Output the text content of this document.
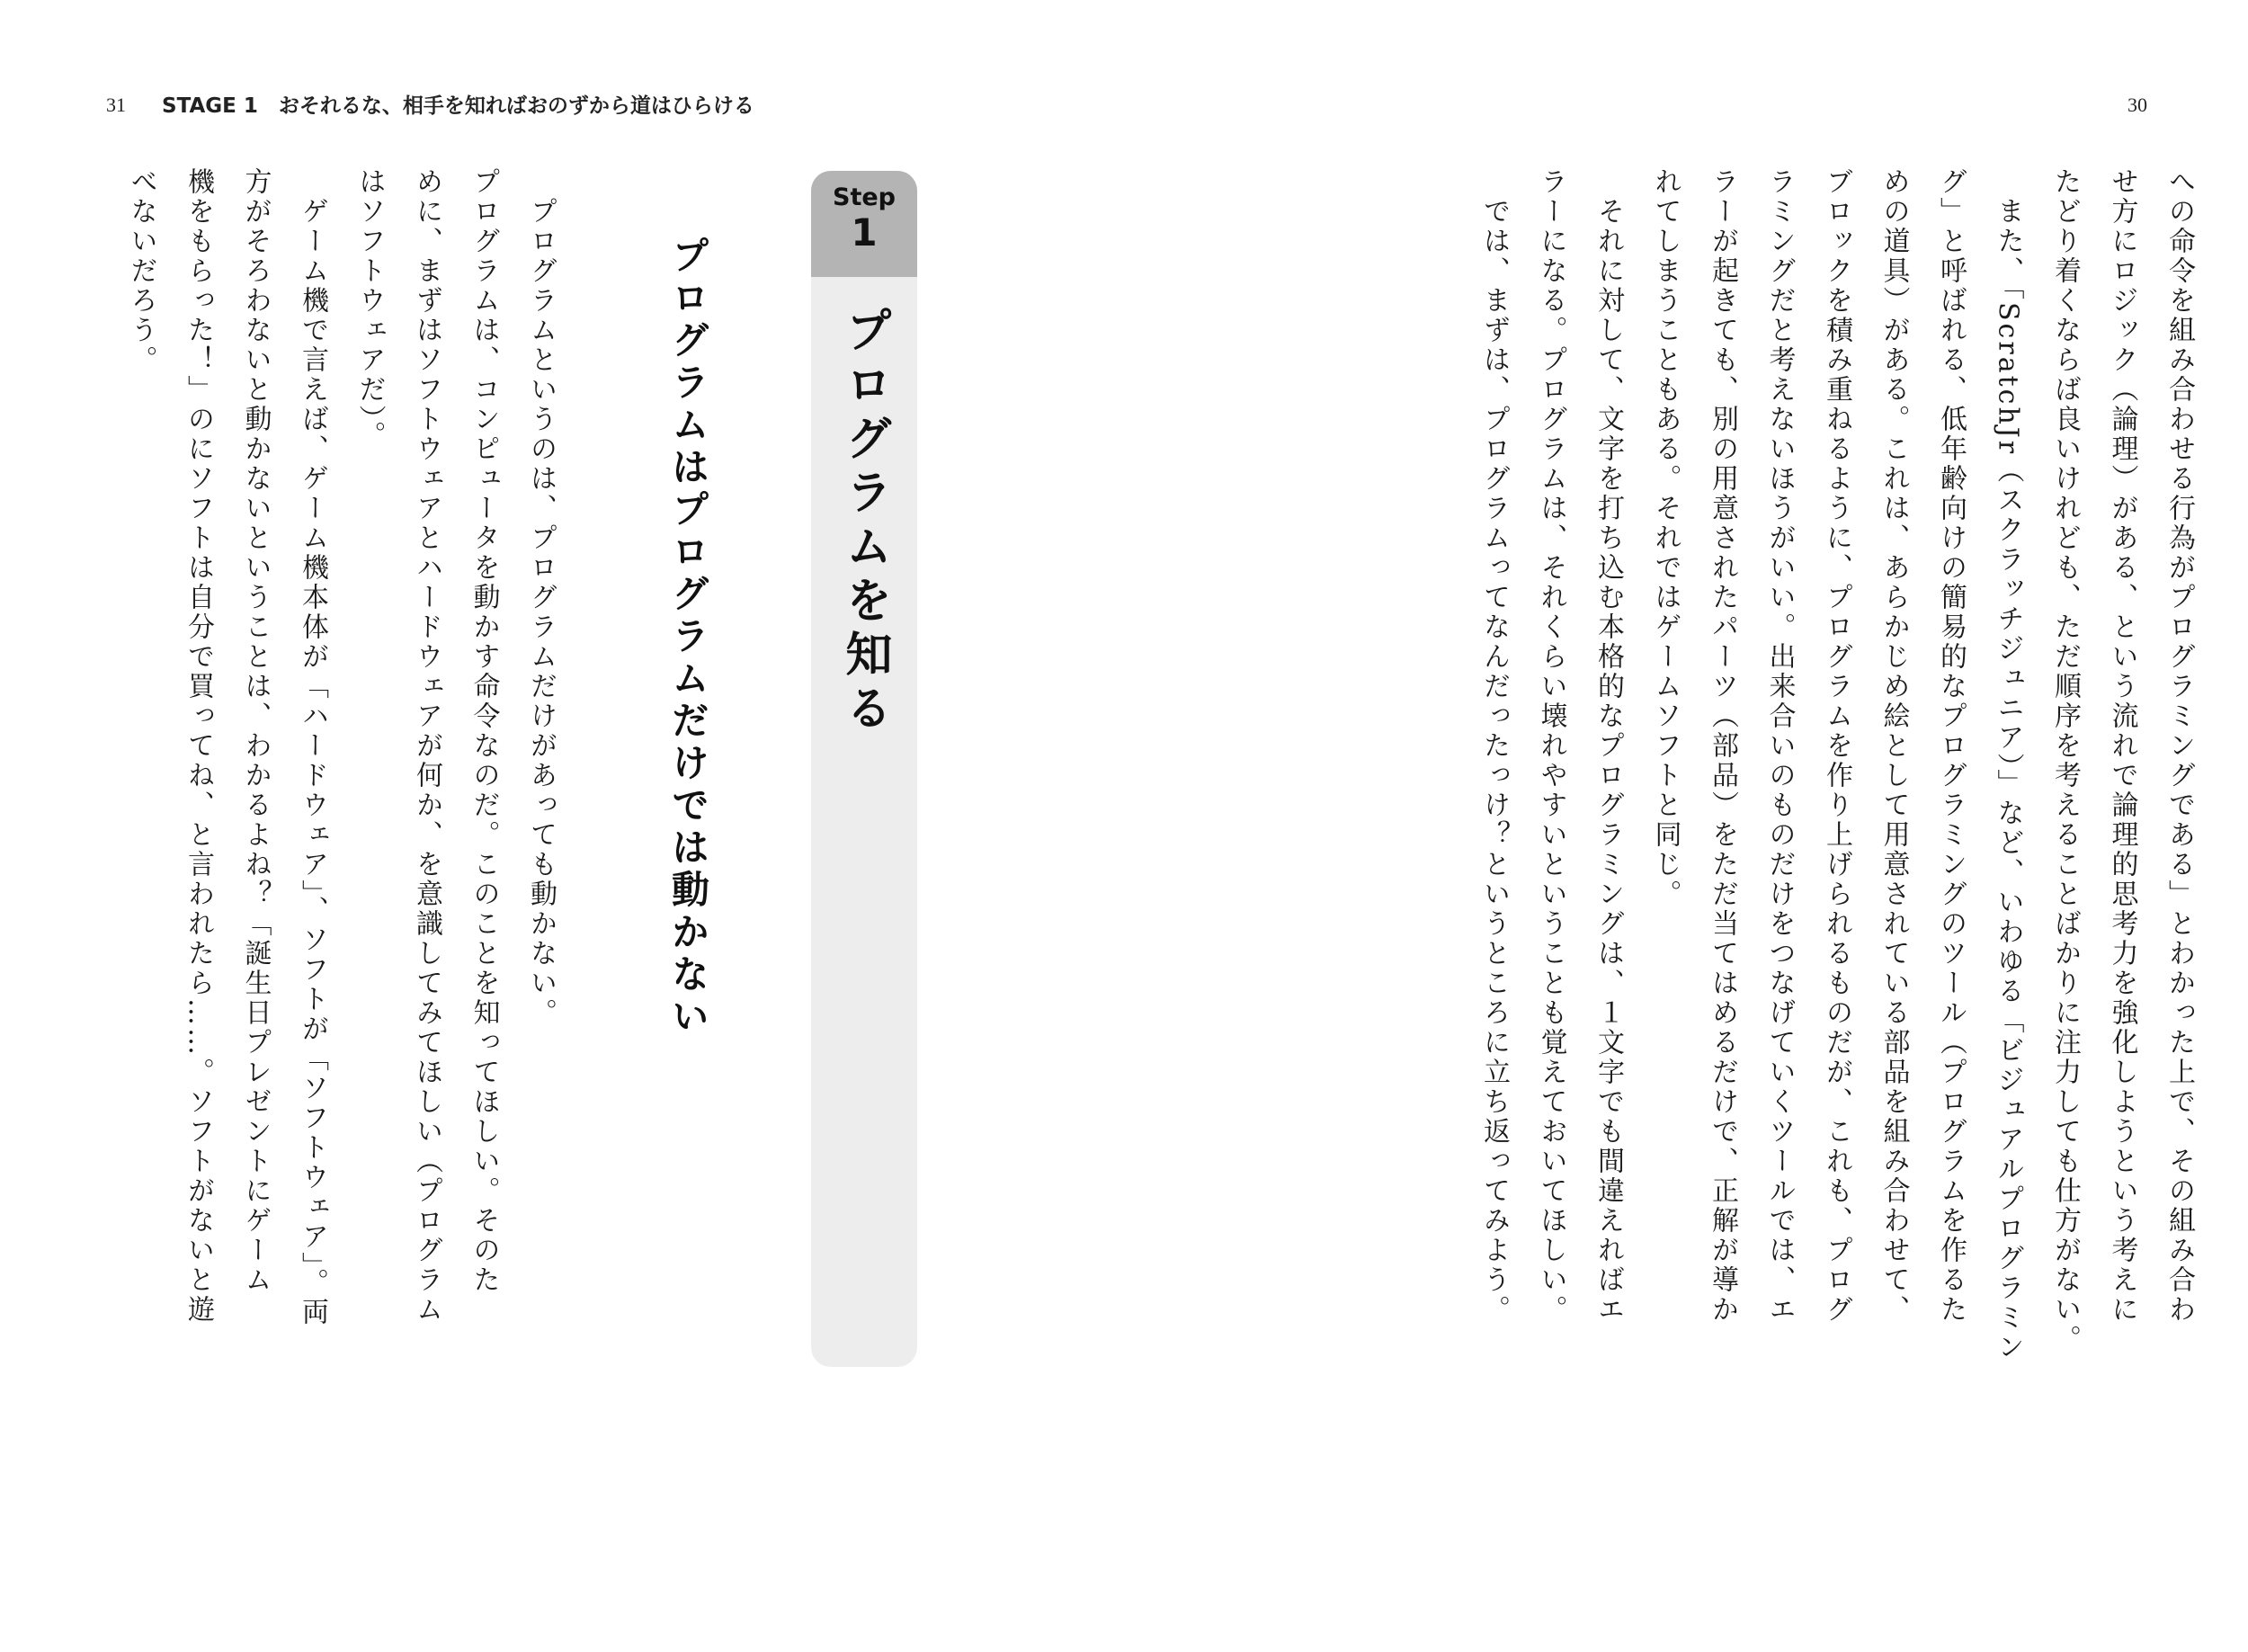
31 STAGE 1　おそれるな、相手を知ればおのずから道はひらける	30
への命令を組み合わせる行為がプログラミングである」とわかった上で、その組み合わ
せ方にロジック（論理）がある、という流れで論理的思考力を強化しようという考えに
たどり着くならば良いけれども、ただ順序を考えることばかりに注力しても仕方がない。
　また、「ScratchJr（スクラッチジュニア）」など、いわゆる「ビジュアルプログラミン
グ」と呼ばれる、低年齢向けの簡易的なプログラミングのツール（プログラムを作るた
めの道具）がある。これは、あらかじめ絵として用意されている部品を組み合わせて、
ブロックを積み重ねるように、プログラムを作り上げられるものだが、これも、プログ
ラミングだと考えないほうがいい。出来合いのものだけをつなげていくツールでは、エ
ラーが起きても、別の用意されたパーツ（部品）をただ当てはめるだけで、正解が導か
れてしまうこともある。それではゲームソフトと同じ。
　それに対して、文字を打ち込む本格的なプログラミングは、１文字でも間違えればエ
ラーになる。プログラムは、それくらい壊れやすいということも覚えておいてほしい。
　では、まずは、プログラムってなんだったっけ？というところに立ち返ってみよう。
Step
1
プログラムを知る
プログラムはプログラムだけでは動かない
　プログラムというのは、プログラムだけがあっても動かない。
プログラムは、コンピュータを動かす命令なのだ。このことを知ってほしい。そのた
めに、まずはソフトウェアとハードウェアが何か、を意識してみてほしい（プログラム
はソフトウェアだ）。
　ゲーム機で言えば、ゲーム機本体が「ハードウェア」、ソフトが「ソフトウェア」。両
方がそろわないと動かないということは、わかるよね？「誕生日プレゼントにゲーム
機をもらった！」のにソフトは自分で買ってね、と言われたら……。ソフトがないと遊
べないだろう。
